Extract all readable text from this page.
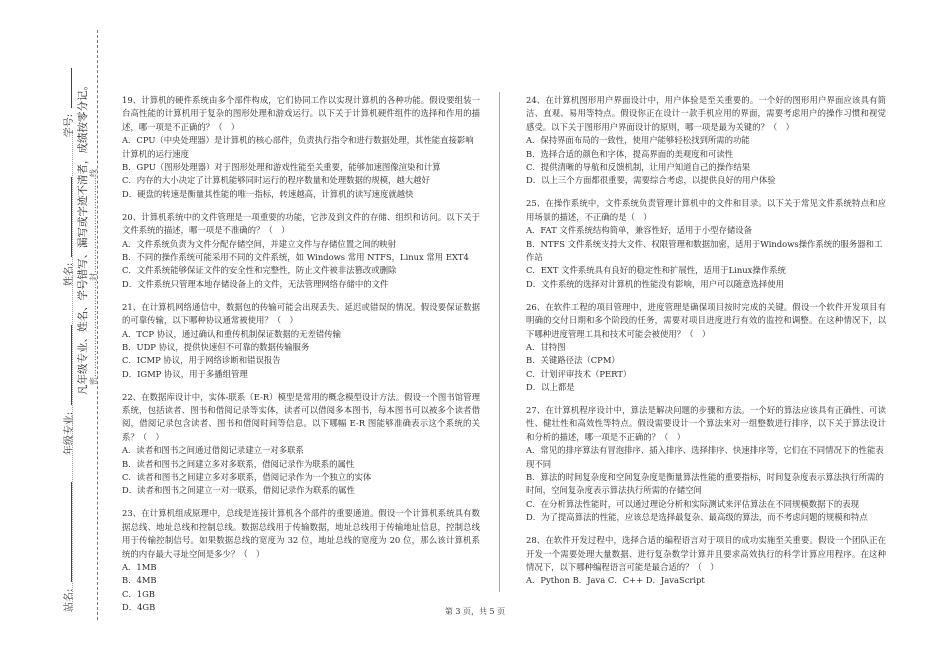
站名:   年级专业:   姓名:   学号: 凡年级专业、姓名、学号错写、漏写或字迹不清者，成绩按零分记。 密………………………………封………………………………线
19、计算机的硬件系统由多个部件构成，它们协同工作以实现计算机的各种功能。假设要组装一台高性能的计算机用于复杂的图形处理和游戏运行。以下关于计算机硬件组件的选择和作用的描述，哪一项是不正确的？（　）
A．CPU（中央处理器）是计算机的核心部件，负责执行指令和进行数据处理，其性能直接影响计算机的运行速度
B．GPU（图形处理器）对于图形处理和游戏性能至关重要，能够加速图像渲染和计算
C．内存的大小决定了计算机能够同时运行的程序数量和处理数据的规模，越大越好
D．硬盘的转速是衡量其性能的唯一指标，转速越高，计算机的读写速度就越快
20、计算机系统中的文件管理是一项重要的功能，它涉及到文件的存储、组织和访问。以下关于文件系统的描述，哪一项是不准确的？（　）
A．文件系统负责为文件分配存储空间，并建立文件与存储位置之间的映射
B．不同的操作系统可能采用不同的文件系统，如 Windows 常用 NTFS，Linux 常用 EXT4
C．文件系统能够保证文件的安全性和完整性，防止文件被非法篡改或删除
D．文件系统只管理本地存储设备上的文件，无法管理网络存储中的文件
21、在计算机网络通信中，数据包的传输可能会出现丢失、延迟或错误的情况。假设要保证数据的可靠传输，以下哪种协议通常被使用？（　）
A．TCP 协议，通过确认和重传机制保证数据的无差错传输
B．UDP 协议，提供快速但不可靠的数据传输服务
C．ICMP 协议，用于网络诊断和错误报告
D．IGMP 协议，用于多播组管理
22、在数据库设计中，实体-联系（E-R）模型是常用的概念模型设计方法。假设一个图书馆管理系统，包括读者、图书和借阅记录等实体，读者可以借阅多本图书，每本图书可以被多个读者借阅，借阅记录包含读者、图书和借阅时间等信息。以下哪幅 E-R 图能够准确表示这个系统的关系？（　）
A．读者和图书之间通过借阅记录建立一对多联系
B．读者和图书之间建立多对多联系，借阅记录作为联系的属性
C．读者和图书之间建立多对多联系，借阅记录作为一个独立的实体
D．读者和图书之间建立一对一联系，借阅记录作为联系的属性
23、在计算机组成原理中，总线是连接计算机各个部件的重要通道。假设一个计算机系统具有数据总线、地址总线和控制总线。数据总线用于传输数据，地址总线用于传输地址信息，控制总线用于传输控制信号。如果数据总线的宽度为 32 位，地址总线的宽度为 20 位，那么该计算机系统的内存最大寻址空间是多少？（　）
A．1MB
B．4MB
C．1GB
D．4GB
24、在计算机图形用户界面设计中，用户体验是至关重要的。一个好的图形用户界面应该具有简洁、直观、易用等特点。假设你正在设计一款手机应用的界面，需要考虑用户的操作习惯和视觉感受。以下关于图形用户界面设计的原则，哪一项是最为关键的？（　）
A．保持界面布局的一致性，使用户能够轻松找到所需的功能
B．选择合适的颜色和字体，提高界面的美观度和可读性
C．提供清晰的导航和反馈机制，让用户知道自己的操作结果
D．以上三个方面都很重要，需要综合考虑，以提供良好的用户体验
25、在操作系统中，文件系统负责管理计算机中的文件和目录。以下关于常见文件系统特点和应用场景的描述，不正确的是（　）
A．FAT 文件系统结构简单，兼容性好，适用于小型存储设备
B．NTFS 文件系统支持大文件、权限管理和数据加密，适用于Windows操作系统的服务器和工作站
C．EXT 文件系统具有良好的稳定性和扩展性，适用于Linux操作系统
D．文件系统的选择对计算机的性能没有影响，用户可以随意选择使用
26、在软件工程的项目管理中，进度管理是确保项目按时完成的关键。假设一个软件开发项目有明确的交付日期和多个阶段的任务，需要对项目进度进行有效的监控和调整。在这种情况下，以下哪种进度管理工具和技术可能会被使用？（　）
A．甘特图
B．关键路径法（CPM）
C．计划评审技术（PERT）
D．以上都是
27、在计算机程序设计中，算法是解决问题的步骤和方法。一个好的算法应该具有正确性、可读性、健壮性和高效性等特点。假设需要设计一个算法来对一组整数进行排序，以下关于算法设计和分析的描述，哪一项是不正确的？（　）
A．常见的排序算法有冒泡排序、插入排序、选择排序、快速排序等，它们在不同情况下的性能表现不同
B．算法的时间复杂度和空间复杂度是衡量算法性能的重要指标，时间复杂度表示算法执行所需的时间，空间复杂度表示算法执行所需的存储空间
C．在分析算法性能时，可以通过理论分析和实际测试来评估算法在不同规模数据下的表现
D．为了提高算法的性能，应该总是选择最复杂、最高级的算法，而不考虑问题的规模和特点
28、在软件开发过程中，选择合适的编程语言对于项目的成功实施至关重要。假设一个团队正在开发一个需要处理大量数据、进行复杂数学计算并且要求高效执行的科学计算应用程序。在这种情况下，以下哪种编程语言可能是最合适的？（　）
A．Python B．Java C．C++ D．JavaScript
第 3 页，共 5 页
